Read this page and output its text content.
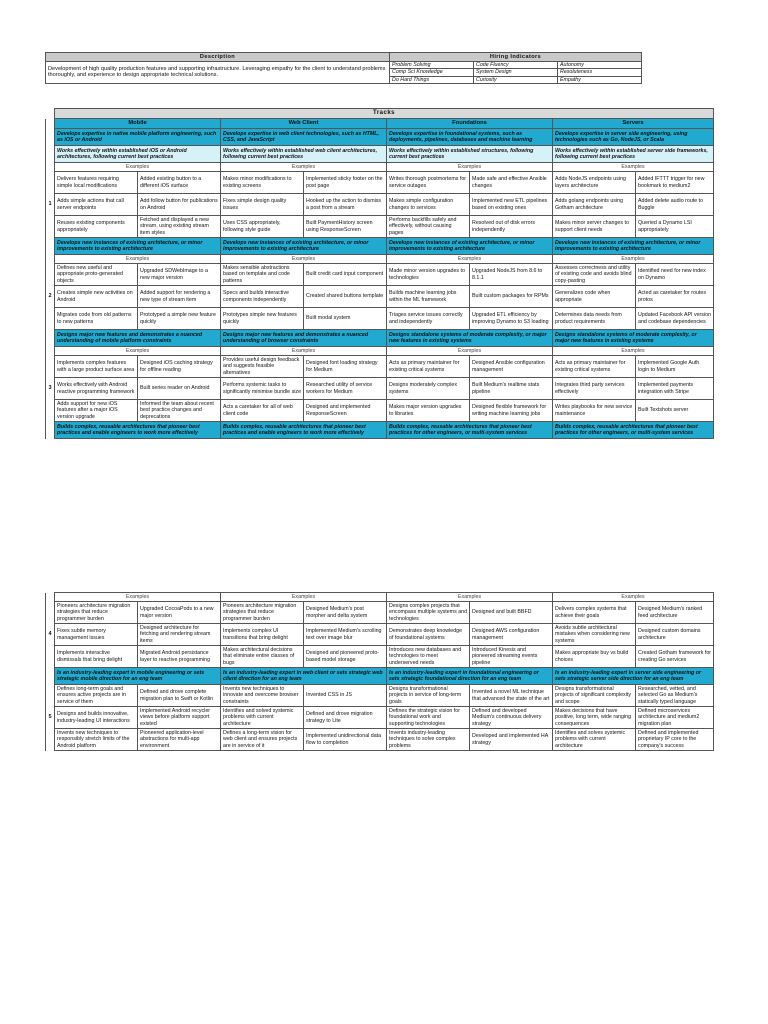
Description	Hiring Indicators			
Development of high quality production features and supporting infrastructure. Leveraging empathy for the client to understand problems thoroughly, and experience to design appropriate technical solutions.	Problem Solving	Code Fluency	Autonomy	
	Comp Sci Knowledge	System Design	Resoluteness	
	Do Hard Things	Curiosity	Empathy	
	Tracks							
	Mobile		Web Client		Foundations		Servers	
	Develops expertise in native mobile platform engineering, such as iOS or Android		Develops expertise in web client technologies, such as HTML, CSS, and JavaScript		Develops expertise in foundational systems, such as deployments, pipelines, databases and machine learning		Develops expertise in server side engineering, using technologies such as Go, NodeJS, or Scala	
	Works effectively within established iOS or Android architectures, following current best practices		Works effectively within established web client architectures, following current best practices		Works effectively within established structures, following current best practices		Works effectively within established server side frameworks, following current best practices	
	Examples		Examples		Examples		Examples	
	Delivers features requiring simple local modifications	Added existing button to a different iOS surface	Makes minor modifications to existing screens	Implemented sticky footer on the post page	Writes thorough postmortems for service outages	Made safe and effective Ansible changes	Adds NodeJS endpoints using layers architecture	Added IFTTT trigger for new bookmark to medium2
1	Adds simple actions that call server endpoints	Add follow button for publications on Android	Fixes simple design quality issues	Hooked up the action to dismiss a post from a stream	Makes simple configuration changes to services	Implemented new ETL pipelines based on existing ones	Adds golang endpoints using Gotham architecture	Added delete audio route to Buggle
	Reuses existing components appropriately	Fetched and displayed a new stream, using existing stream item styles	Uses CSS appropriately, following style guide	Built PaymentHistory screen using ResponseScreen	Performs backfills safely and effectively, without causing pages	Resolved out of disk errors independently	Makes minor server changes to support client needs	Queried a Dynamo LSI appropriately
	Develops new instances of existing architecture, or minor improvements to existing architecture		Develops new instances of existing architecture, or minor improvements to existing architecture		Develops new instances of existing architecture, or minor improvements to existing architecture		Develops new instances of existing architecture, or minor improvements to existing architecture	
	Examples		Examples		Examples		Examples	
	Defines new useful and appropriate proto-generated objects	Upgraded SDWebImage to a new major version	Makes sensible abstractions based on template and code patterns	Built credit card input component	Made minor version upgrades to technologies	Upgraded NodeJS from 8.6 to 8.1.1	Assesses correctness and utility of existing code and avoids blind copy-pasting	Identified need for new index on Dynamo
2	Creates simple new activities on Android	Added support for rendering a new type of stream item	Specs and builds interactive components independently	Created shared buttons template	Builds machine learning jobs within the ML framework	Built custom packages for RPMs	Generalizes code when appropriate	Acted as caretaker for routes protos
	Migrates code from old patterns to new patterns	Prototyped a simple new feature quickly	Prototypes simple new features quickly	Built modal system	Triages service issues correctly and independently	Upgraded ETL efficiency by improving Dynamo to S3 loading	Determines data needs from product requirements	Updated Facebook API version and codebase dependencies
	Designs major new features and demonstrates a nuanced understanding of mobile platform constraints		Designs major new features and demonstrates a nuanced understanding of browser constraints		Designs standalone systems of moderate complexity, or major new features in existing systems		Designs standalone systems of moderate complexity, or major new features in existing systems	
	Examples		Examples		Examples		Examples	
	Implements complex features with a large product surface area	Designed iOS caching strategy for offline reading	Provides useful design feedback and suggests feasible alternatives	Designed font loading strategy for Medium	Acts as primary maintainer for existing critical systems	Designed Ansible configuration management	Acts as primary maintainer for existing critical systems	Implemented Google Auth login to Medium
3	Works effectively with Android reactive programming framework	Built series reader on Android	Performs systemic tasks to significantly minimise bundle size	Researched utility of service workers for Medium	Designs moderately complex systems	Built Medium's realtime stats pipeline	Integrates third party services effectively	Implemented payments integration with Stripe
	Adds support for new iOS features after a major iOS version upgrade	Informed the team about recent best practice changes and deprecations	Acts a caretaker for all of web client code	Designed and implemented ResponseScreen	Makes major version upgrades to libraries	Designed flexible framework for writing machine learning jobs	Writes playbooks for new service maintenance	Built Textshots server
	Builds complex, reusable architectures that pioneer best practices and enable engineers to work more effectively		Builds complex, reusable architectures that pioneer best practices and enable engineers to work more effectively		Builds complex, reusable architectures that pioneer best practices for other engineers, or multi-system services		Builds complex, reusable architectures that pioneer best practices for other engineers, or multi-system services	
	Examples		Examples		Examples		Examples	
	Pioneers architecture migration strategies that reduce programmer burden	Upgraded CocoaPods to a new major version	Pioneers architecture migration strategies that reduce programmer burden	Designed Medium's post morpher and delta system	Designs complex projects that encompass multiple systems and technologies	Designed and built BBFD	Delivers complex systems that achieve their goals	Designed Medium's ranked feed architecture
4	Fixes subtle memory management issues	Designed architecture for fetching and rendering stream items	Implements complex UI transitions that bring delight	Implemented Medium's scrolling text over image blur	Demonstrates deep knowledge of foundational systems	Designed AWS configuration management	Avoids subtle architectural mistakes when considering new systems	Designed custom domains architecture
	Implements interactive dismissals that bring delight	Migrated Android persistance layer to reactive programming	Makes architectural decisions that eliminate entire classes of bugs	Designed and pioneered proto-based model storage	Introduces new databases and technologies to meet underserved needs	Introduced Kinesis and pioneered streaming events pipeline	Makes appropriate buy vs build choices	Created Gotham framework for creating Go services
	Is an industry-leading expert in mobile engineering or sets strategic mobile direction for an eng team		Is an industry-leading expert in web client or sets strategic web client direction for an eng team		Is an industry-leading expert in foundational engineering or sets strategic foundational direction for an eng team		Is an industry-leading expert in server side engineering or sets strategic server side direction for an eng team	
	Defines long-term goals and ensures active projects are in service of them	Defined and drove complete migration plan to Swift or Kotlin	Invents new techniques to innovate and overcome browser constraints	Invented CSS in JS	Designs transformational projects in service of long-term goals	Invented a novel ML technique that advanced the state of the art	Designs transformational projects of significant complexity and scope	Researched, vetted, and selected Go as Medium's statically typed language
5	Designs and builds innovative, industry-leading UI interactions	Implemented Android recycler views before platform support existed	Identifies and solved systemic problems with current architecture	Defined and drove migration strategy to Lite	Defines the strategic vision for foundational work and supporting technologies	Defined and developed Medium's continuous delivery strategy	Makes decisions that have positive, long term, wide ranging consequences	Defined microservices architecture and medium2 migration plan
	Invents new techniques to responsibly stretch limits of the Android platform	Pioneered application-level abstractions for multi-app environment	Defines a long-term vision for web client and ensures projects are in service of it	Implemented unidirectional data flow to completion	Invents industry-leading techniques to solve complex problems	Developed and implemented HA strategy	Identifies and solves systemic problems with current architecture	Defined and implemented proprietary IP core to the company's success
